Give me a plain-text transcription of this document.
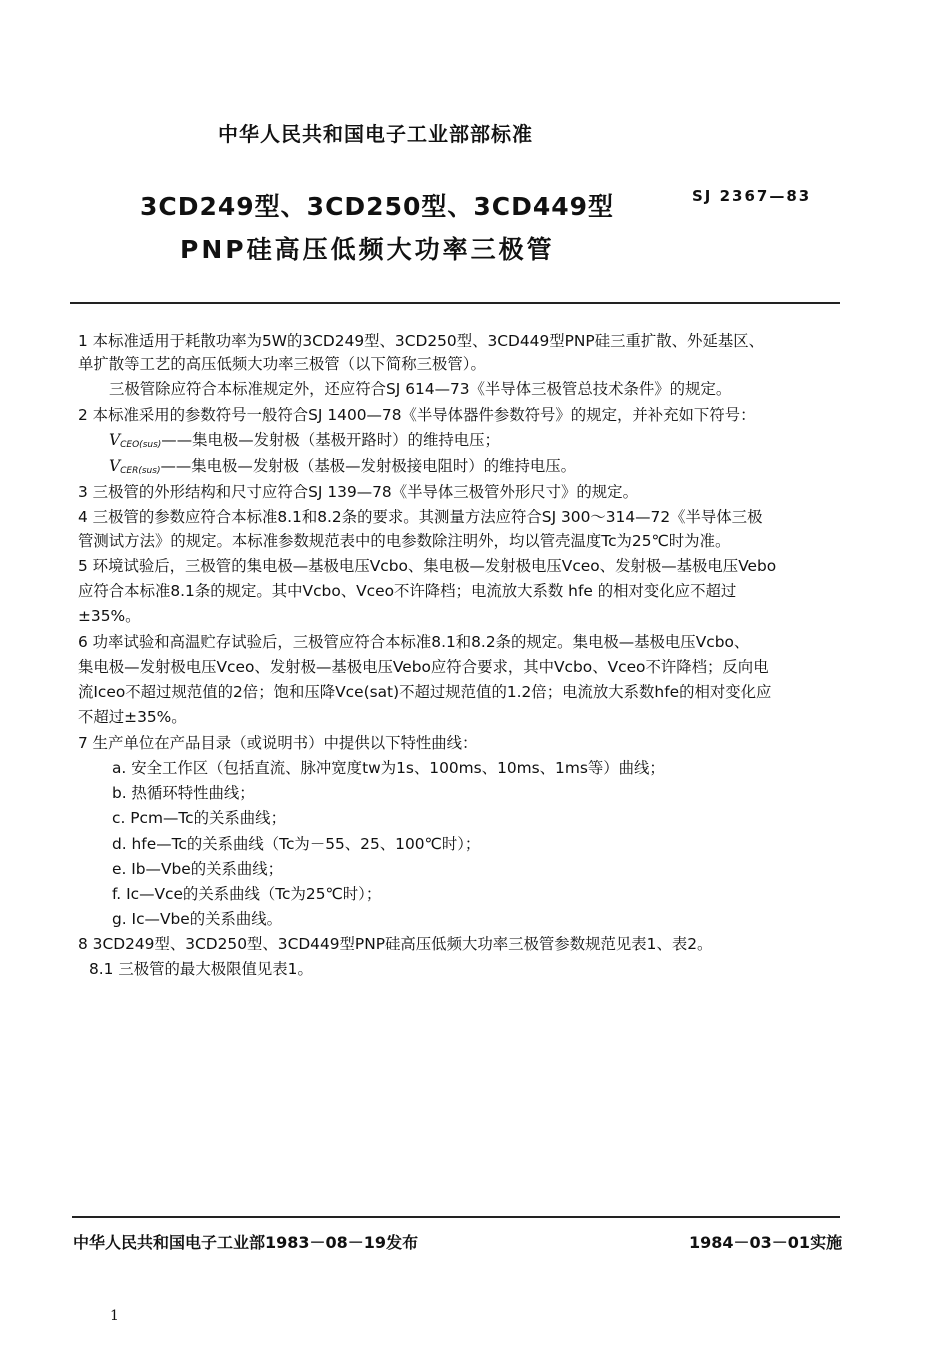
中华人民共和国电子工业部部标准
3CD249型、3CD250型、3CD449型
PNP硅高压低频大功率三极管
SJ 2367—83
1 本标准适用于耗散功率为5W的3CD249型、3CD250型、3CD449型PNP硅三重扩散、外延基区、
单扩散等工艺的高压低频大功率三极管（以下简称三极管）。
三极管除应符合本标准规定外，还应符合SJ 614—73《半导体三极管总技术条件》的规定。
2 本标准采用的参数符号一般符合SJ 1400—78《半导体器件参数符号》的规定，并补充如下符号：
$V_{CEO(sus)}——$集电极—发射极（基极开路时）的维持电压；
$V_{CER(sus)}——$集电极—发射极（基极—发射极接电阻时）的维持电压。
3 三极管的外形结构和尺寸应符合SJ 139—78《半导体三极管外形尺寸》的规定。
4 三极管的参数应符合本标准8.1和8.2条的要求。其测量方法应符合SJ 300～314—72《半导体三极
管测试方法》的规定。本标准参数规范表中的电参数除注明外，均以管壳温度Tc为25℃时为准。
5 环境试验后，三极管的集电极—基极电压Vcbo、集电极—发射极电压Vceo、发射极—基极电压Vebo
应符合本标准8.1条的规定。其中Vcbo、Vceo不许降档；电流放大系数 hfe 的相对变化应不超过
±35%。
6 功率试验和高温贮存试验后，三极管应符合本标准8.1和8.2条的规定。集电极—基极电压Vcbo、
集电极—发射极电压Vceo、发射极—基极电压Vebo应符合要求，其中Vcbo、Vceo不许降档；反向电
流Iceo不超过规范值的2倍；饱和压降Vce(sat)不超过规范值的1.2倍；电流放大系数hfe的相对变化应
不超过±35%。
7 生产单位在产品目录（或说明书）中提供以下特性曲线：
a. 安全工作区（包括直流、脉冲宽度tw为1s、100ms、10ms、1ms等）曲线；
b. 热循环特性曲线；
c. Pcm—Tc的关系曲线；
d. hfe—Tc的关系曲线（Tc为－55、25、100℃时）；
e. Ib—Vbe的关系曲线；
f. Ic—Vce的关系曲线（Tc为25℃时）；
g. Ic—Vbe的关系曲线。
8 3CD249型、3CD250型、3CD449型PNP硅高压低频大功率三极管参数规范见表1、表2。
8.1 三极管的最大极限值见表1。
中华人民共和国电子工业部1983－08－19发布	1984－03－01实施
1
